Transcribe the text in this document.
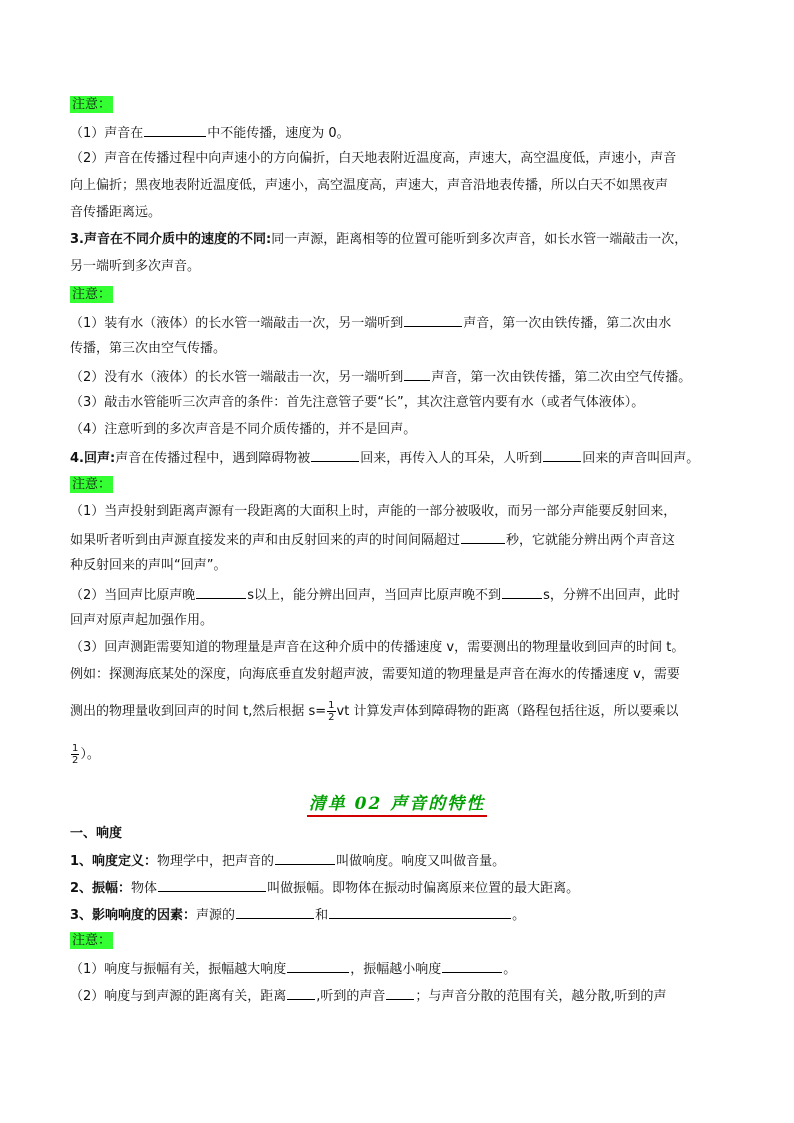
注意：
（1）声音在	中不能传播，速度为 0。
（2）声音在传播过程中向声速小的方向偏折，白天地表附近温度高，声速大，高空温度低，声速小，声音
向上偏折；黑夜地表附近温度低，声速小，高空温度高，声速大，声音沿地表传播，所以白天不如黑夜声
音传播距离远。
3.声音在不同介质中的速度的不同:同一声源，距离相等的位置可能听到多次声音，如长水管一端敲击一次，
另一端听到多次声音。
注意：
（1）装有水（液体）的长水管一端敲击一次，另一端听到	声音，第一次由铁传播，第二次由水
传播，第三次由空气传播。
（2）没有水（液体）的长水管一端敲击一次，另一端听到 声音，第一次由铁传播，第二次由空气传播。
（3）敲击水管能听三次声音的条件：首先注意管子要“长”，其次注意管内要有水（或者气体液体）。
（4）注意听到的多次声音是不同介质传播的，并不是回声。
4.回声:声音在传播过程中，遇到障碍物被	回来，再传入人的耳朵，人听到	回来的声音叫回声。
注意：
（1）当声投射到距离声源有一段距离的大面积上时，声能的一部分被吸收，而另一部分声能要反射回来，
如果听者听到由声源直接发来的声和由反射回来的声的时间间隔超过	秒，它就能分辨出两个声音这
种反射回来的声叫“回声”。
（2）当回声比原声晚	s以上，能分辨出回声，当回声比原声晚不到	s，分辨不出回声，此时
回声对原声起加强作用。
（3）回声测距需要知道的物理量是声音在这种介质中的传播速度 v，需要测出的物理量收到回声的时间 t。
例如：探测海底某处的深度，向海底垂直发射超声波，需要知道的物理量是声音在海水的传播速度 v，需要
测出的物理量收到回声的时间 t,然后根据 $s= \frac{1}{2}$ vt 计算发声体到障碍物的距离（路程包括往返，所以要乘以
$\frac{1}{2}$ ）。
清单 02 声音的特性
一、响度
1、响度定义：物理学中，把声音的	叫做响度。响度又叫做音量。
2、振幅：物体	叫做振幅。即物体在振动时偏离原来位置的最大距离。
3、影响响度的因素：声源的	和	。
注意：
（1）响度与振幅有关，振幅越大响度	，振幅越小响度	。
（2）响度与到声源的距离有关，距离 ,听到的声音 ；与声音分散的范围有关，越分散,听到的声
